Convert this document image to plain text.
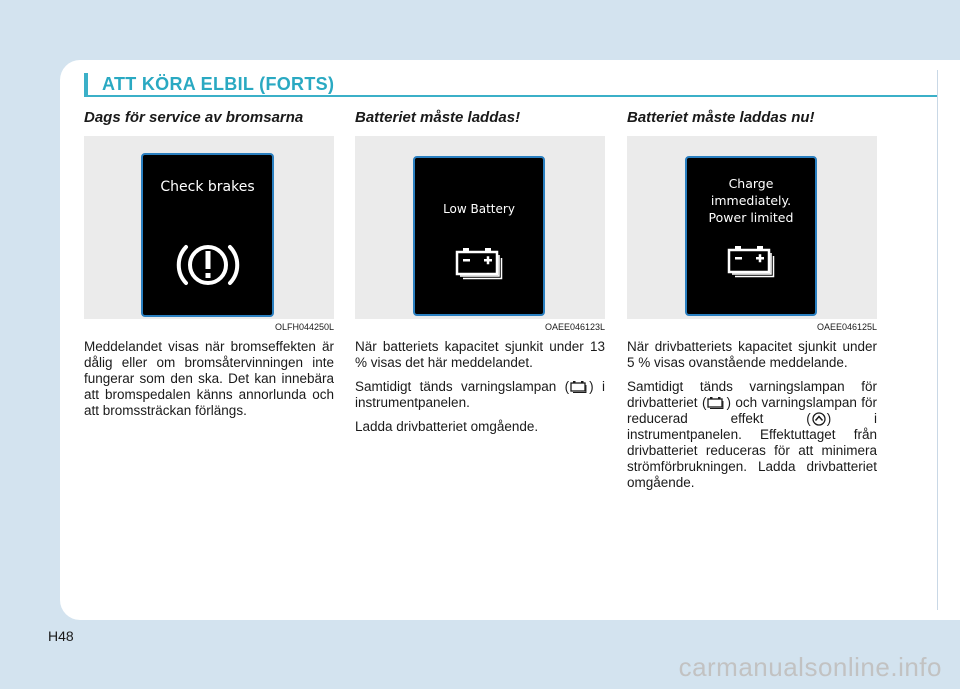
ATT KÖRA ELBIL (FORTS)
Dags för service av bromsarna
Check brakes
OLFH044250L

Meddelandet visas när bromseffekten är dålig eller om bromsåtervinningen inte fungerar som den ska. Det kan innebära att bromspedalen känns annorlunda och att bromssträckan förlängs.

Batteriet måste laddas!
Low Battery
OAEE046123L

När batteriets kapacitet sjunkit under 13 % visas det här meddelandet.

Samtidigt tänds varningslampan ( ) i instrumentpanelen.

Ladda drivbatteriet omgående.

Batteriet måste laddas nu!
Charge
immediately.
Power limited
OAEE046125L

När drivbatteriets kapacitet sjunkit under 5 % visas ovanstående meddelande.

Samtidigt tänds varningslampan för drivbatteriet ( ) och varningslampan för reducerad effekt ( ) i instrumentpanelen. Effektuttaget från drivbatteriet reduceras för att minimera strömförbrukningen. Ladda drivbatteriet omgående.

H48
carmanualsonline.info
